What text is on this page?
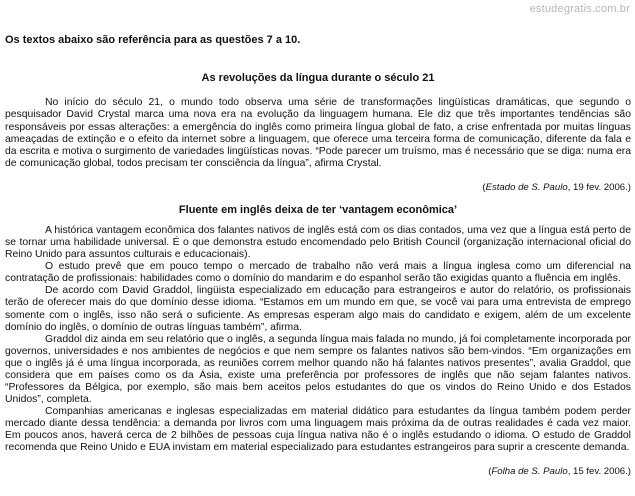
estudegratis.com.br
Os textos abaixo são referência para as questões 7 a 10.
As revoluções da língua durante o século 21

No início do século 21, o mundo todo observa uma série de transformações lingüísticas dramáticas, que segundo o pesquisador David Crystal marca uma nova era na evolução da linguagem humana. Ele diz que três importantes tendências são responsáveis por essas alterações: a emergência do inglês como primeira língua global de fato, a crise enfrentada por muitas línguas ameaçadas de extinção e o efeito da internet sobre a linguagem, que oferece uma terceira forma de comunicação, diferente da fala e da escrita e motiva o surgimento de variedades lingüísticas novas. “Pode parecer um truísmo, mas é necessário que se diga: numa era de comunicação global, todos precisam ter consciência da língua”, afirma Crystal.

(Estado de S. Paulo, 19 fev. 2006.)
Fluente em inglês deixa de ter ‘vantagem econômica’

A histórica vantagem econômica dos falantes nativos de inglês está com os dias contados, uma vez que a língua está perto de se tornar uma habilidade universal. É o que demonstra estudo encomendado pelo British Council (organização internacional oficial do Reino Unido para assuntos culturais e educacionais).

O estudo prevê que em pouco tempo o mercado de trabalho não verá mais a língua inglesa como um diferencial na contratação de profissionais: habilidades como o domínio do mandarim e do espanhol serão tão exigidas quanto a fluência em inglês.

De acordo com David Graddol, lingüista especializado em educação para estrangeiros e autor do relatório, os profissionais terão de oferecer mais do que domínio desse idioma. “Estamos em um mundo em que, se você vai para uma entrevista de emprego somente com o inglês, isso não será o suficiente. As empresas esperam algo mais do candidato e exigem, além de um excelente domínio do inglês, o domínio de outras línguas também”, afirma.

Graddol diz ainda em seu relatório que o inglês, a segunda língua mais falada no mundo, já foi completamente incorporada por governos, universidades e nos ambientes de negócios e que nem sempre os falantes nativos são bem-vindos. “Em organizações em que o inglês já é uma língua incorporada, as reuniões correm melhor quando não há falantes nativos presentes”, avalia Graddol, que considera que em países como os da Ásia, existe uma preferência por professores de inglês que não sejam falantes nativos. “Professores da Bélgica, por exemplo, são mais bem aceitos pelos estudantes do que os vindos do Reino Unido e dos Estados Unidos”, completa.

Companhias americanas e inglesas especializadas em material didático para estudantes da língua também podem perder mercado diante dessa tendência: a demanda por livros com uma linguagem mais próxima da de outras realidades é cada vez maior. Em poucos anos, haverá cerca de 2 bilhões de pessoas cuja língua nativa não é o inglês estudando o idioma. O estudo de Graddol recomenda que Reino Unido e EUA invistam em material especializado para estudantes estrangeiros para suprir a crescente demanda.

(Folha de S. Paulo, 15 fev. 2006.)
